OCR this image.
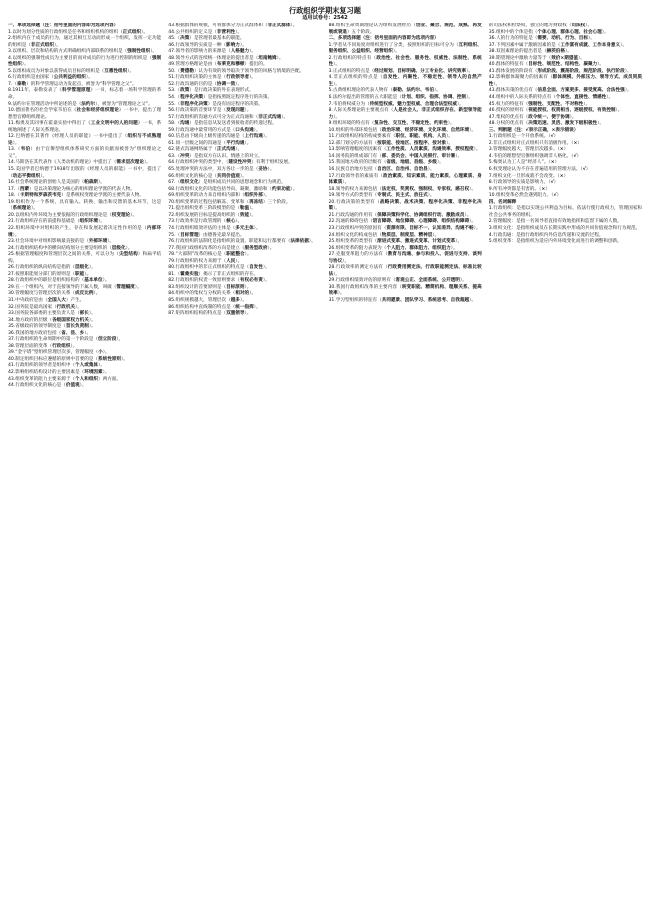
行政组织学期末复习题
适用试卷号：2542

一、单项选择题（注：括号里面的内容即为选项内容）

1.以时为划分性质的行政组织是任务和组织机构的组织（正式组织）。

2.组织内在于成员的行为，通过其相互互动而形成一个组织，发挥一定功能的组织是（非正式组织）。

3.以组织、层次和结构的方式明确组织内部联系的组织是（强制性组织）。

4.以组织的强制性成员为主要目的而对成员的行为进行控制的组织是（强制性组织）。

5.以组织成员为对象以获得成员目标的组织是（互惠性组织）。

6.行政组织是由国家（公共利益的组织）。

7.（泰勒）的科学管理运动为发起点，被誉为“科学管理之父”。

8.1911年，泰勒发表了《科学管理原理》一书，标志着一场科学管理的革命。

9.法约尔在管理活动中所论述的是（法约尔），被誉为“管理理论之父”。

10.德国著名的社会学家韦伯在《社会和经济组织理论》一书中，提出了理想型官僚组织理论。

11.梅奥及其同事在霍桑实验中得出了《工业文明中的人的问题》一书，系统地阐述了人际关系理论。

12.巴纳德在其著作《经理人员的职能》一书中提出了（组织与不成熟理论）。

13.（韦伯）由于官僚型组织体系研究方面的贡献而被誉为“组织理论之父”。

14.马斯洛在其代表作《人类动机的理论》中提出了（需求层次理论）。

15.美国学者巴纳德于1938年出版的《经理人员的职能》一书中，提出了（动态平衡组织）。

16.社会系统理论的创始人是美国的（帕森斯）。

17.（西蒙）是以决策理论为核心的组织理论学派的代表人物。

18.（卡斯特和罗森茨韦克）是系统权变理论学派的主要代表人物。

19.组织作为一个系统，具有输入、转换、输出和反馈的基本环节，这是（系统理论）。

20.以组织内外环境为主要依据的行政组织理论是（权变理论）。

21.行政组织存在的前提和基础是（组织环境）。

22.组织环境中对组织的产生、存在和发展起着决定性作用的是（内部环境）。

23.社会环境中对组织影响最直接的是（外部环境）。

24.行政组织结构中的横向结构划分主要是组织的（层级化）。

25.根据管理幅度和管理层次之间的关系，可以分为（尖型结构）和扁平结构。

26.行政组织的纵向结构是指的（层级化）。

27.按照职能划分部门的原则是（职能）。

28.行政组织中的职位是组织结构的（基本单位）。

29.在一个组织内，对于直接领导的下属人数，叫做（管理幅度）。

30.管理幅度与管理层次的关系（成反比例）。

31.中央政府是由（全国人大）产生。

32.国务院是最高国家（行政机关）。

33.国务院各部委的主要负责人是（部长）。

34.地方政府的层级（各级国家权力机关）。

35.省级政府的领导制度是（首长负责制）。

36.我国的地方政府包括（省、县、乡）。

37.行政组织的生命周期中的第一个阶段是（创立阶段）。

38.管理层面的变革（行政组织）。

39.“金字塔”型组织管理层次多，管理幅度（小）。

40.制定组织目标应遵循的原则中首要的是（系统性原则）。

41.行政组织的领导者是组织中（个人或集体）。

42.影响组织结构设计的主要因素是（环境因素）。

43.组织变革的阻力主要来源于（个人和组织）两方面。

44.行政组织文化的核心是（价值观）。

43.根据群体的规模，可将群体分为正式群体和（非正式群体）。

44.公共组织的定义是（非营利性）。

45.（决策）是管理者最基本的职能。

46.行政领导的实质是一种（影响力）。

47.领导者的影响力的来源是（人格魅力）。

48.领导方式的连续统一体理论的提出者是（坦南鲍姆）。

49.管理方格理论是由（布莱克和穆顿）提出的。

50.（费德勒）认为有效的领导取决于领导者的风格与情境的匹配。

51.行政组织决策的主体是（行政领导者）。

52.行政沟通的目的是（协调一致）。

53.（政策）是行政决策的外在表现形式。

54.（程序化决策）是指按照既定程序进行的决策。

55.（非程序化决策）是没有固定程序的决策。

56.行政决策的首要环节是（发现问题）。

57.行政组织的沟通方式可分为正式沟通和（非正式沟通）。

58.（沟通）是指信息从发送者到接收者的传递过程。

59.行政沟通中最常用的方式是（口头沟通）。

60.信息由下级向上级传递的沟通是（上行沟通）。

61.同一层级之间的沟通是（平行沟通）。

62.链式沟通网络属于（正式沟通）。

63.（冲突）是指双方在认识、情感上的对立。

64.行政组织冲突的类型中，（建设性冲突）有利于组织发展。

65.处理冲突的方法中，双方各让一步的是（妥协）。

66.组织文化的核心是（共同价值观）。

67.（组织文化）是组织成员共同的思想观念和行为规范。

68.行政组织文化的功能包括导向、凝聚、激励和（约束功能）。

69.组织变革的动力来自组织内部和（组织外部）。

70.组织变革的过程包括解冻、变革和（再冻结）三个阶段。

71.提出组织变革三阶段模型的是（勒温）。

72.组织发展的目标是提高组织的（效能）。

73.行政效率是行政管理的（核心）。

74.行政组织绩效评估的主体是（多元主体）。

75.（目标管理）由德鲁克最早提出。

76.行政组织的法制化是指组织的设置、职能和运行都要有（法律依据）。

77.我国行政组织改革的方向是建立（服务型政府）。

78.“大部制”改革的核心是（职能整合）。

79.行政组织的权力来源于（人民）。

80.行政组织中的非正式组织的特点是（自发性）。

81.（霍桑实验）揭示了非正式组织的存在。

82.行政组织的权责一致原则要求（有权必有责）。

83.组织设计的首要原则是（目标原则）。

84.组织中的集权与分权的关系（相对的）。

85.组织规模越大，管理层次（越多）。

86.组织结构中直线制的特点是（统一指挥）。

87.矩阵组织结构的特点是（双重领导）。

88.组织生命周期理论认为组织发展经历（创业、聚合、规范、成熟、再发展或衰退）五个阶段。

二、多项选择题（注：括号里面的内容即为选项内容）

1.学者从不同角度对组织进行了分类，按照组织的目标可分为（互利组织、服务组织、公益组织、经营组织）。

2.行政组织的特点有（政治性、社会性、服务性、权威性、法制性、系统性）。

3.正式组织的特点是（经过规划、目标明确、分工专业化、讲究效率）。

4.非正式组织的特点是（自发性、内聚性、不稳定性、领导人的自然产生）。

5.古典组织理论的代表人物有（泰勒、法约尔、韦伯）。

6.法约尔提出的管理的五大职能是（计划、组织、指挥、协调、控制）。

7.韦伯将权威分为（传统型权威、魅力型权威、合理合法型权威）。

8.人际关系理论的主要观点有（人是社会人、非正式组织存在、新型领导能力）。

9.组织环境的特点有（复杂性、交互性、不稳定性、约束性）。

10.组织的外部环境包括（政治环境、经济环境、文化环境、自然环境）。

11.行政组织结构的构成要素有（职位、职能、机构、人员）。

12.部门划分的方法有（按职能、按地区、按程序、按对象）。

13.影响管理幅度的因素有（工作性质、人员素质、沟通效率、授权程度）。

14.国务院的组成部门有（部、委员会、中国人民银行、审计署）。

15.我国地方政府的层级有（省级、地级、县级、乡级）。

16.民族自治地方包括（自治区、自治州、自治县）。

17.行政领导者的素质有（政治素质、知识素质、能力素质、心理素质、身体素质）。

18.领导的权力来源包括（法定权、奖赏权、强制权、专家权、感召权）。

19.领导方式的类型有（专制式、民主式、放任式）。

20.行政决策的类型有（战略决策、战术决策、程序化决策、非程序化决策）。

21.行政沟通的作用有（保障决策科学化、协调组织行动、激励成员）。

22.沟通的障碍包括（语言障碍、地位障碍、心理障碍、组织结构障碍）。

23.行政组织冲突的原因有（资源有限、目标不一、认知差异、沟通不畅）。

24.组织文化的构成包括（物质层、制度层、精神层）。

25.组织变革的类型有（渐进式变革、激进式变革、计划式变革）。

26.组织变革的阻力表现为（个人阻力、群体阻力、组织阻力）。

27.克服变革阻力的方法有（教育与沟通、参与和投入、促进与支持、谈判与协议）。

28.行政效率的测定方法有（行政费用测定法、行政职能测定法、标准比较法）。

29.行政组织绩效评估的原则有（客观公正、全面系统、公开透明）。

30.我国行政组织改革的主要内容（转变职能、精简机构、理顺关系、提高效率）。

31.学习型组织的特征有（共同愿景、团队学习、系统思考、自我超越）。

的司法权和检察权，独立的地方财政权（司法权）。

35.组织中的个体是指（个体心理、群体心理、社会心理）。

36.人的行为的特征是（需要、动机、行为、目标）。

37.下列因素中属于激励因素的是（工作富有成就、工作本身意义）。

38.双因素理论的提出者是（赫茨伯格）。

39.期望理论中激励力量等于（效价×期望值）。

40.群体的特征有（目标性、规范性、结构性、凝聚力）。

41.群体发展的阶段有（形成阶段、震荡阶段、规范阶段、执行阶段）。

42.影响群体凝聚力的因素有（群体规模、外部压力、领导方式、成员同质性）。

43.群体决策的优点有（信息全面、方案更多、接受度高、合法性强）。

44.组织中的人际关系的特点有（个体性、直接性、情感性）。

45.权力的特征有（强制性、支配性、不对称性）。

46.授权的原则有（视能授权、权责相当、逐级授权、有效控制）。

47.集权的优点有（政令统一、便于协调）。

48.分权的优点有（决策迅速、灵活、激发下级积极性）。

三、判断题（注：√表示正确，×表示错误）

1.行政组织是一个开放系统。（√）

2.非正式组织对正式组织只有消极作用。（×）

3.管理幅度越大，管理层次越多。（×）

4.韦伯的理想型官僚组织强调非人格化。（√）

5.梅奥认为工人是“经济人”。（×）

6.权变理论认为不存在普遍适用的管理方法。（√）

7.组织文化一旦形成就不会改变。（×）

8.行政领导的实质是影响力。（√）

9.所有冲突都是有害的。（×）

10.组织变革必然会遇到阻力。（√）

四、名词解释

1.行政组织：是指以实现公共利益为目标，依法行使行政权力，管理国家和社会公共事务的组织。

2.管理幅度：是指一名领导者直接有效地指挥和监督下属的人数。

3.组织文化：是指组织成员在长期实践中形成的共同价值观念和行为规范。

4.行政沟通：是指行政组织内外信息传递和交流的过程。

5.组织变革：是指组织为适应内外环境变化而进行的调整和创新。
